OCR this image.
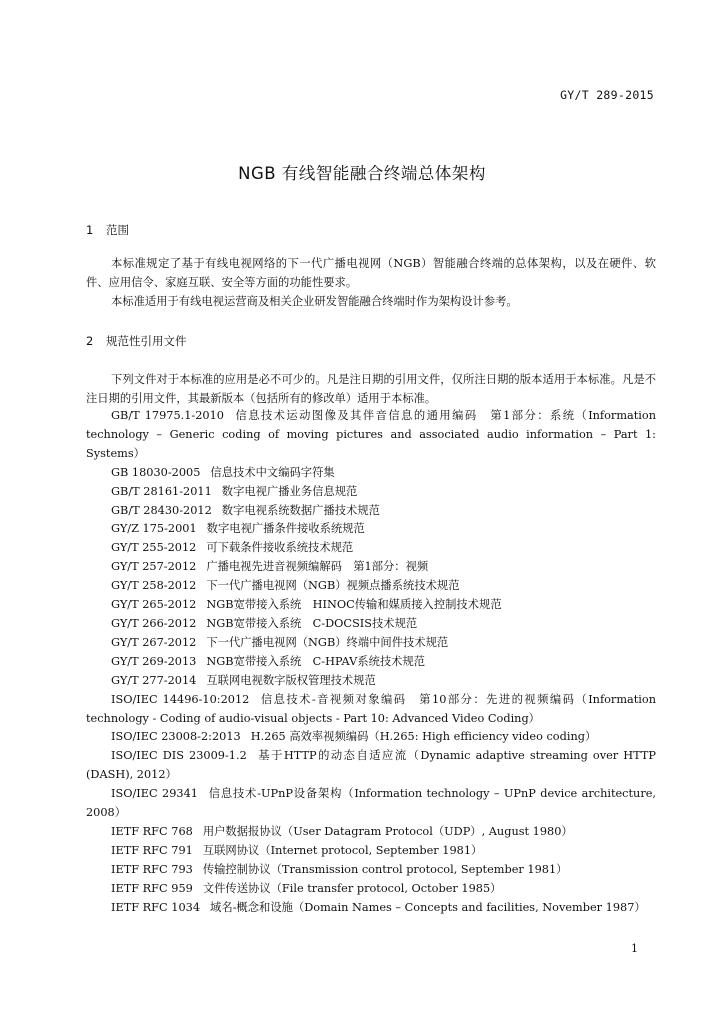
GY/T 289-2015
NGB 有线智能融合终端总体架构
1 范围

本标准规定了基于有线电视网络的下一代广播电视网（NGB）智能融合终端的总体架构，以及在硬件、软件、应用信令、家庭互联、安全等方面的功能性要求。

本标准适用于有线电视运营商及相关企业研发智能融合终端时作为架构设计参考。

2 规范性引用文件

下列文件对于本标准的应用是必不可少的。凡是注日期的引用文件，仅所注日期的版本适用于本标准。凡是不注日期的引用文件，其最新版本（包括所有的修改单）适用于本标准。

GB/T 17975.1-2010 信息技术运动图像及其伴音信息的通用编码　第1部分：系统（Information technology – Generic coding of moving pictures and associated audio information – Part 1: Systems）
GB 18030-2005 信息技术中文编码字符集
GB/T 28161-2011 数字电视广播业务信息规范
GB/T 28430-2012 数字电视系统数据广播技术规范
GY/Z 175-2001 数字电视广播条件接收系统规范
GY/T 255-2012 可下载条件接收系统技术规范
GY/T 257-2012 广播电视先进音视频编解码　第1部分：视频
GY/T 258-2012 下一代广播电视网（NGB）视频点播系统技术规范
GY/T 265-2012 NGB宽带接入系统　HINOC传输和媒质接入控制技术规范
GY/T 266-2012 NGB宽带接入系统　C-DOCSIS技术规范
GY/T 267-2012 下一代广播电视网（NGB）终端中间件技术规范
GY/T 269-2013 NGB宽带接入系统　C-HPAV系统技术规范
GY/T 277-2014 互联网电视数字版权管理技术规范
ISO/IEC 14496-10:2012 信息技术-音视频对象编码　第10部分：先进的视频编码（Information technology - Coding of audio-visual objects - Part 10: Advanced Video Coding）
ISO/IEC 23008-2:2013 H.265 高效率视频编码（H.265: High efficiency video coding）
ISO/IEC DIS 23009-1.2 基于HTTP的动态自适应流（Dynamic adaptive streaming over HTTP (DASH), 2012）
ISO/IEC 29341 信息技术-UPnP设备架构（Information technology – UPnP device architecture, 2008）
IETF RFC 768 用户数据报协议（User Datagram Protocol（UDP）, August 1980）
IETF RFC 791 互联网协议（Internet protocol, September 1981）
IETF RFC 793 传输控制协议（Transmission control protocol, September 1981）
IETF RFC 959 文件传送协议（File transfer protocol, October 1985）
IETF RFC 1034 域名-概念和设施（Domain Names – Concepts and facilities, November 1987）
1
